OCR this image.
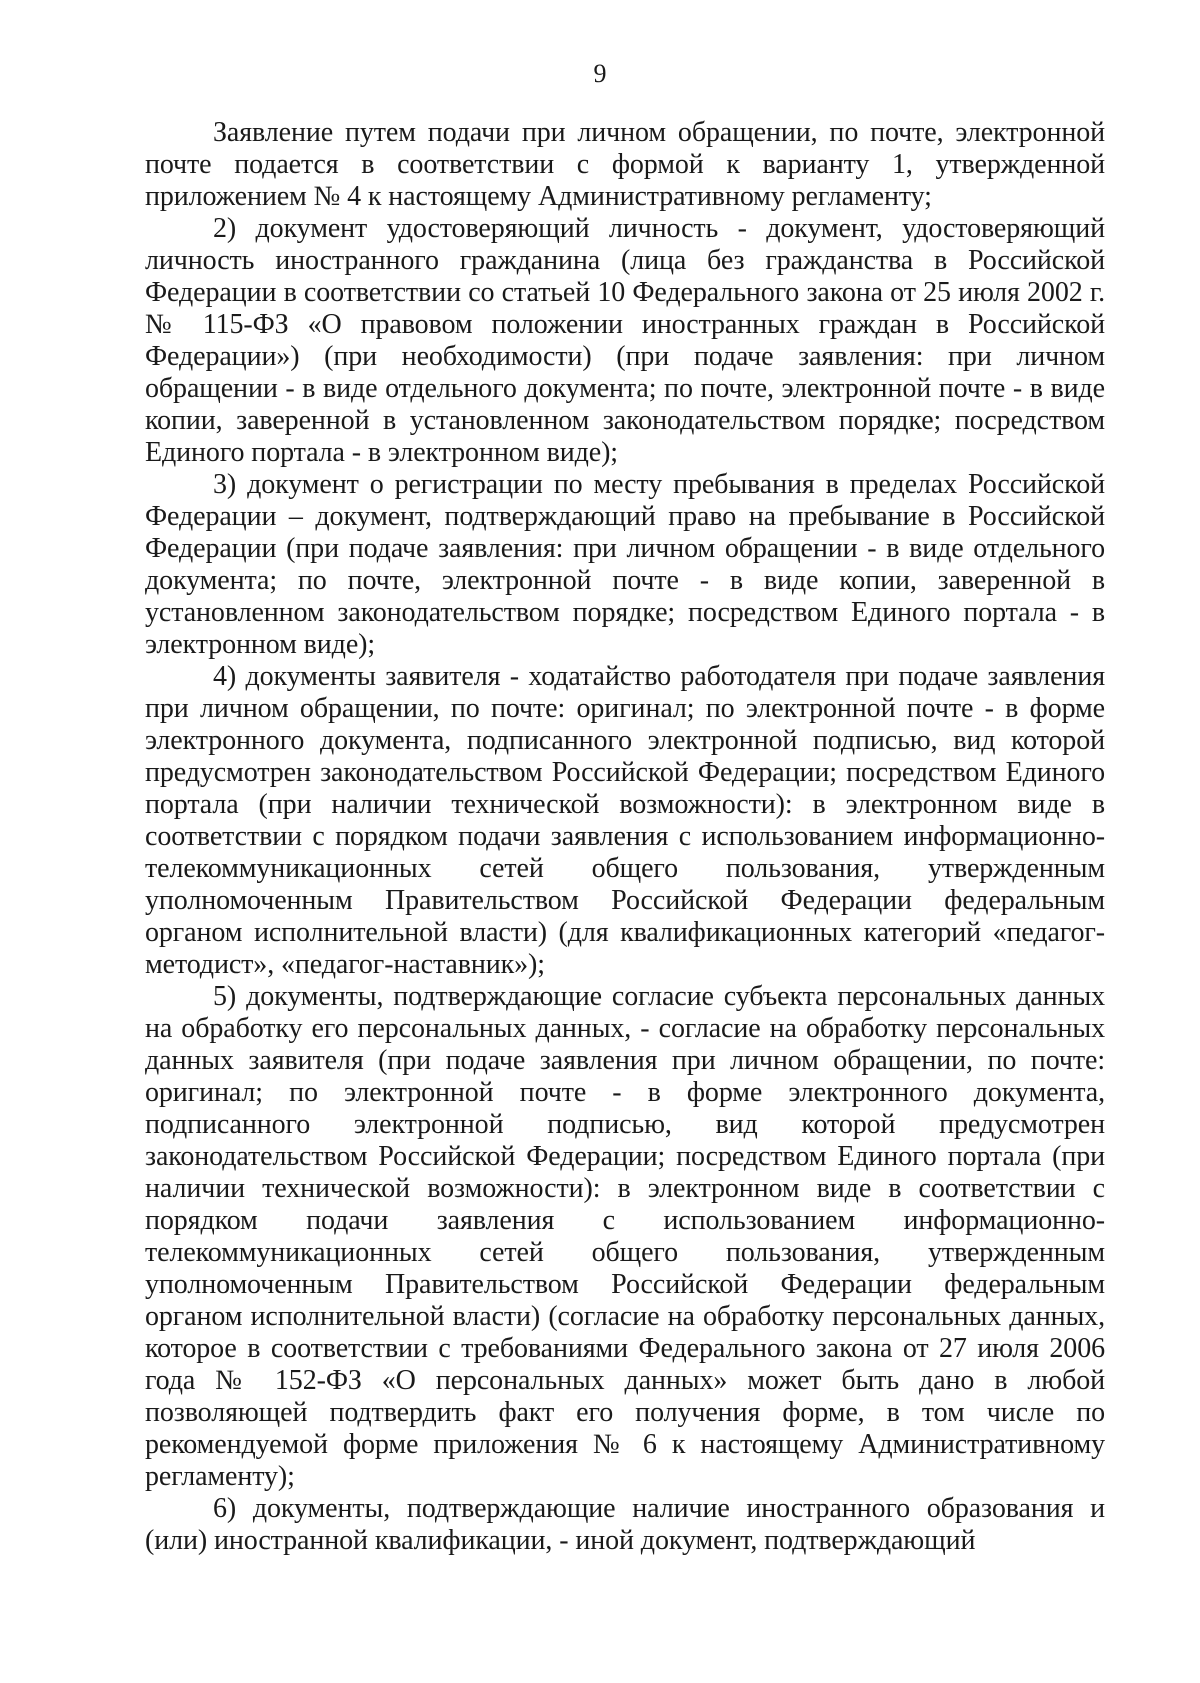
9

Заявление путем подачи при личном обращении, по почте, электронной почте подается в соответствии с формой к варианту 1, утвержденной приложением № 4 к настоящему Административному регламенту;

2) документ удостоверяющий личность - документ, удостоверяющий личность иностранного гражданина (лица без гражданства в Российской Федерации в соответствии со статьей 10 Федерального закона от 25 июля 2002 г. № 115-ФЗ «О правовом положении иностранных граждан в Российской Федерации») (при необходимости) (при подаче заявления: при личном обращении - в виде отдельного документа; по почте, электронной почте - в виде копии, заверенной в установленном законодательством порядке; посредством Единого портала - в электронном виде);

3) документ о регистрации по месту пребывания в пределах Российской Федерации – документ, подтверждающий право на пребывание в Российской Федерации (при подаче заявления: при личном обращении - в виде отдельного документа; по почте, электронной почте - в виде копии, заверенной в установленном законодательством порядке; посредством Единого портала - в электронном виде);

4) документы заявителя - ходатайство работодателя при подаче заявления при личном обращении, по почте: оригинал; по электронной почте - в форме электронного документа, подписанного электронной подписью, вид которой предусмотрен законодательством Российской Федерации; посредством Единого портала (при наличии технической возможности): в электронном виде в соответствии с порядком подачи заявления с использованием информационно-телекоммуникационных сетей общего пользования, утвержденным уполномоченным Правительством Российской Федерации федеральным органом исполнительной власти) (для квалификационных категорий «педагог-методист», «педагог-наставник»);

5) документы, подтверждающие согласие субъекта персональных данных на обработку его персональных данных, - согласие на обработку персональных данных заявителя (при подаче заявления при личном обращении, по почте: оригинал; по электронной почте - в форме электронного документа, подписанного электронной подписью, вид которой предусмотрен законодательством Российской Федерации; посредством Единого портала (при наличии технической возможности): в электронном виде в соответствии с порядком подачи заявления с использованием информационно-телекоммуникационных сетей общего пользования, утвержденным уполномоченным Правительством Российской Федерации федеральным органом исполнительной власти) (согласие на обработку персональных данных, которое в соответствии с требованиями Федерального закона от 27 июля 2006 года № 152-ФЗ «О персональных данных» может быть дано в любой позволяющей подтвердить факт его получения форме, в том числе по рекомендуемой форме приложения № 6 к настоящему Административному регламенту);

6) документы, подтверждающие наличие иностранного образования и (или) иностранной квалификации, - иной документ, подтверждающий
